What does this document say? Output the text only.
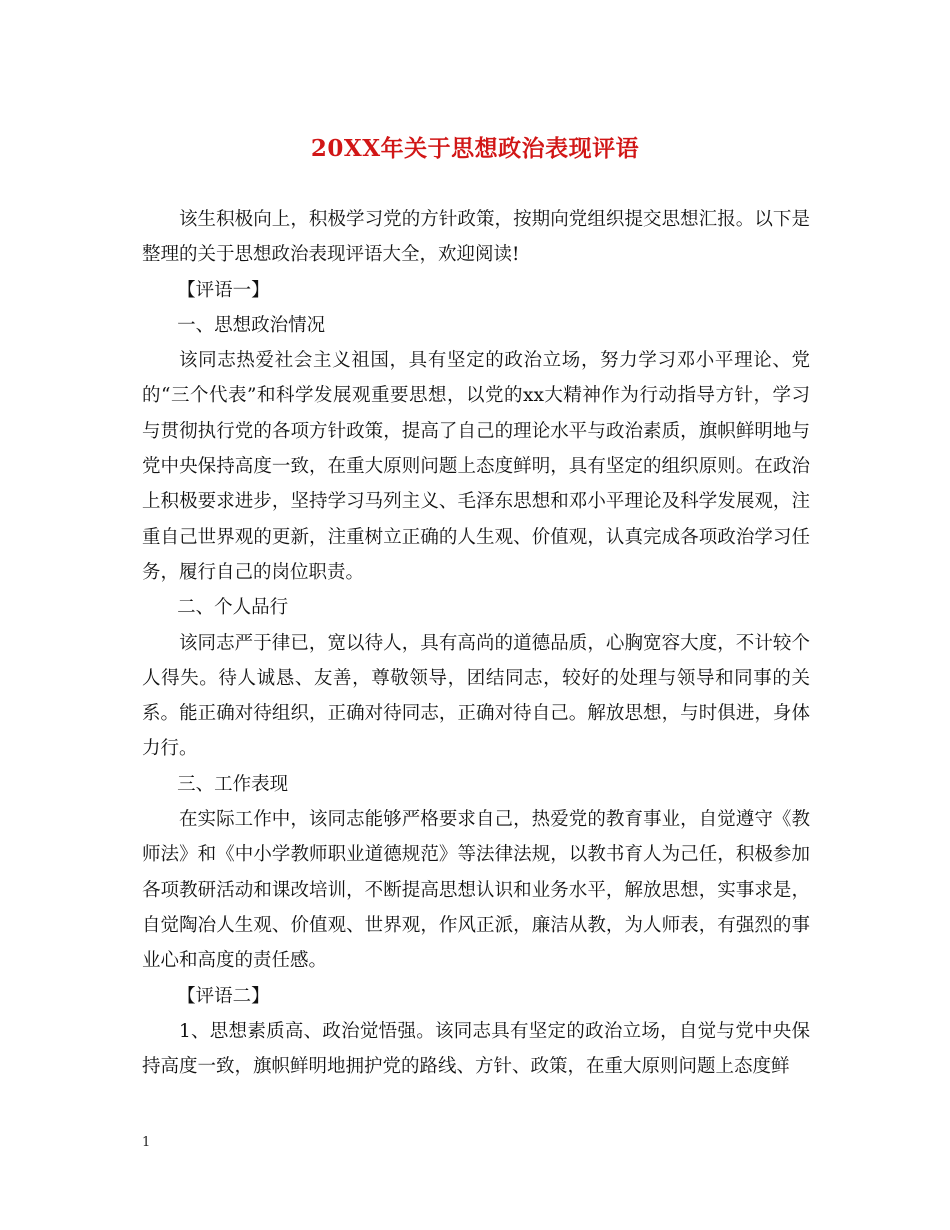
20XX年关于思想政治表现评语

该生积极向上，积极学习党的方针政策，按期向党组织提交思想汇报。以下是整理的关于思想政治表现评语大全，欢迎阅读!

【评语一】

一、思想政治情况

该同志热爱社会主义祖国，具有坚定的政治立场，努力学习邓小平理论、党的“三个代表”和科学发展观重要思想，以党的xx大精神作为行动指导方针，学习与贯彻执行党的各项方针政策，提高了自己的理论水平与政治素质，旗帜鲜明地与党中央保持高度一致，在重大原则问题上态度鲜明，具有坚定的组织原则。在政治上积极要求进步，坚持学习马列主义、毛泽东思想和邓小平理论及科学发展观，注重自己世界观的更新，注重树立正确的人生观、价值观，认真完成各项政治学习任务，履行自己的岗位职责。

二、个人品行

该同志严于律已，宽以待人，具有高尚的道德品质，心胸宽容大度，不计较个人得失。待人诚恳、友善，尊敬领导，团结同志，较好的处理与领导和同事的关系。能正确对待组织，正确对待同志，正确对待自己。解放思想，与时俱进，身体力行。

三、工作表现

在实际工作中，该同志能够严格要求自己，热爱党的教育事业，自觉遵守《教师法》和《中小学教师职业道德规范》等法律法规，以教书育人为己任，积极参加各项教研活动和课改培训，不断提高思想认识和业务水平，解放思想，实事求是，自觉陶冶人生观、价值观、世界观，作风正派，廉洁从教，为人师表，有强烈的事业心和高度的责任感。

【评语二】

1、思想素质高、政治觉悟强。该同志具有坚定的政治立场，自觉与党中央保持高度一致，旗帜鲜明地拥护党的路线、方针、政策，在重大原则问题上态度鲜

1
